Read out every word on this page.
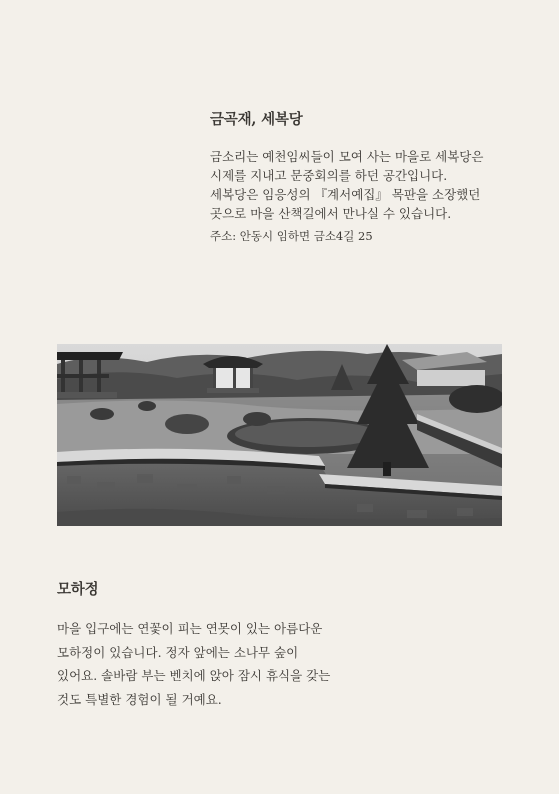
금곡재, 세복당

금소리는 예천임씨들이 모여 사는 마을로 세복당은
시제를 지내고 문중회의를 하던 공간입니다.
세복당은 임응성의 『계서예집』 목판을 소장했던
곳으로 마을 산책길에서 만나실 수 있습니다.

주소: 안동시 임하면 금소4길 25
모하정

마을 입구에는 연꽃이 피는 연못이 있는 아름다운
모하정이 있습니다. 정자 앞에는 소나무 숲이
있어요. 솔바람 부는 벤치에 앉아 잠시 휴식을 갖는
것도 특별한 경험이 될 거예요.
